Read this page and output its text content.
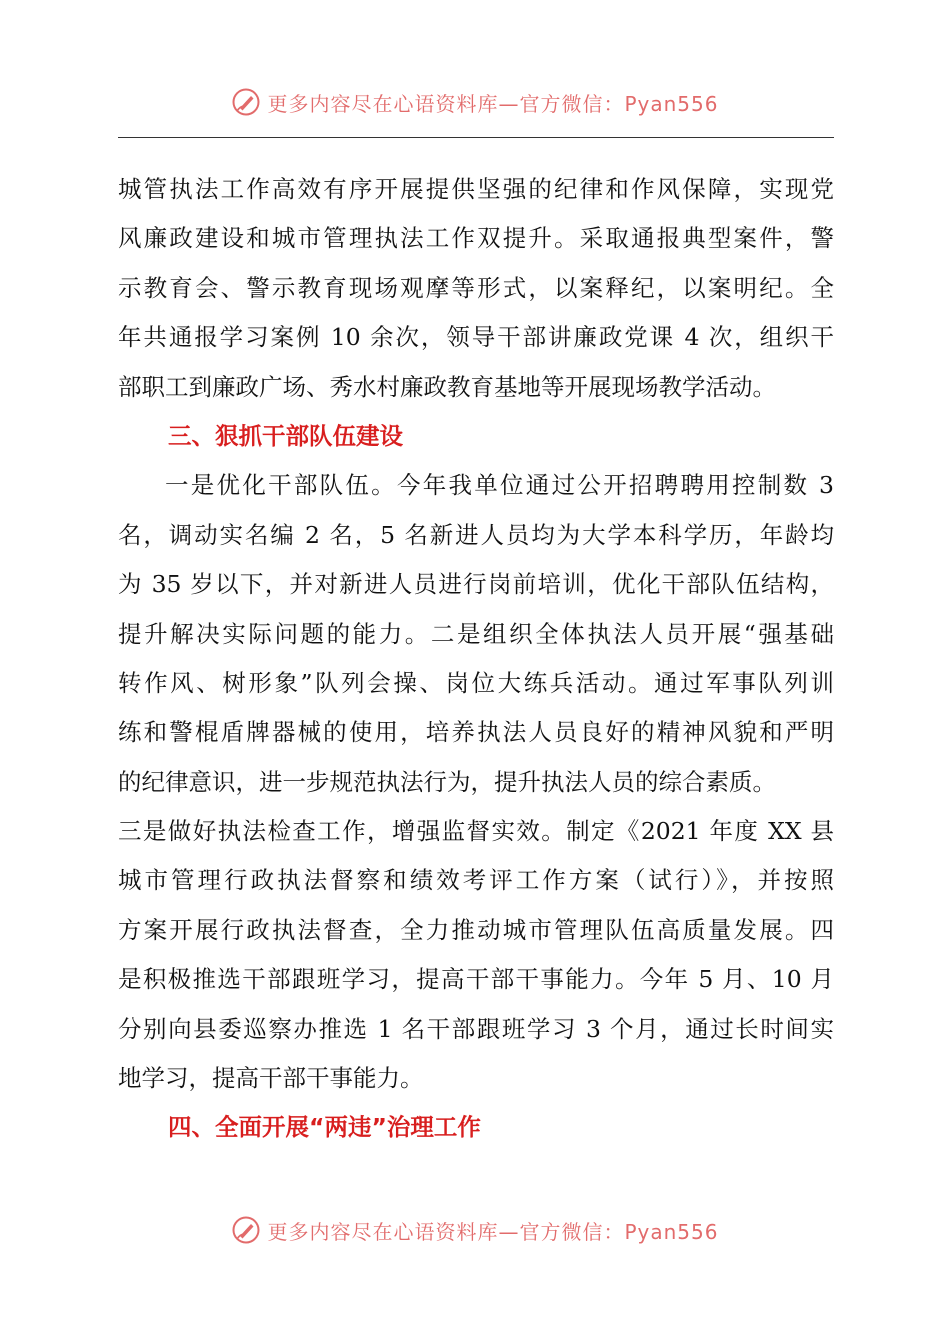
更多内容尽在心语资料库—官方微信：Pyan556
城管执法工作高效有序开展提供坚强的纪律和作风保障，实现党
风廉政建设和城市管理执法工作双提升。采取通报典型案件，警
示教育会、警示教育现场观摩等形式，以案释纪，以案明纪。全
年共通报学习案例 10 余次，领导干部讲廉政党课 4 次，组织干
部职工到廉政广场、秀水村廉政教育基地等开展现场教学活动。
三、狠抓干部队伍建设
一是优化干部队伍。今年我单位通过公开招聘聘用控制数 3
名，调动实名编 2 名，5 名新进人员均为大学本科学历，年龄均
为 35 岁以下，并对新进人员进行岗前培训，优化干部队伍结构，
提升解决实际问题的能力。二是组织全体执法人员开展“强基础
转作风、树形象”队列会操、岗位大练兵活动。通过军事队列训
练和警棍盾牌器械的使用，培养执法人员良好的精神风貌和严明
的纪律意识，进一步规范执法行为，提升执法人员的综合素质。
三是做好执法检查工作，增强监督实效。制定《2021 年度 XX 县
城市管理行政执法督察和绩效考评工作方案（试行）》，并按照
方案开展行政执法督查，全力推动城市管理队伍高质量发展。四
是积极推选干部跟班学习，提高干部干事能力。今年 5 月、10 月
分别向县委巡察办推选 1 名干部跟班学习 3 个月，通过长时间实
地学习，提高干部干事能力。
四、全面开展“两违”治理工作
更多内容尽在心语资料库—官方微信：Pyan556
